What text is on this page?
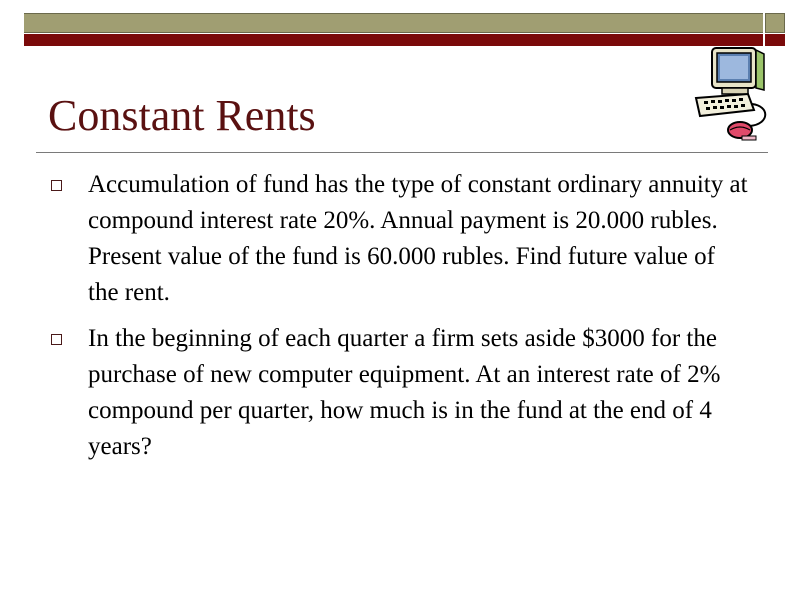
Constant Rents
Accumulation of fund has the type of constant ordinary annuity at compound interest rate 20%. Annual payment is 20.000 rubles. Present value of the fund is 60.000 rubles. Find future value of the rent.
In the beginning of each quarter a firm sets aside $3000 for the purchase of new computer equipment. At an interest rate of 2% compound per quarter, how much is in the fund at the end of 4 years?
